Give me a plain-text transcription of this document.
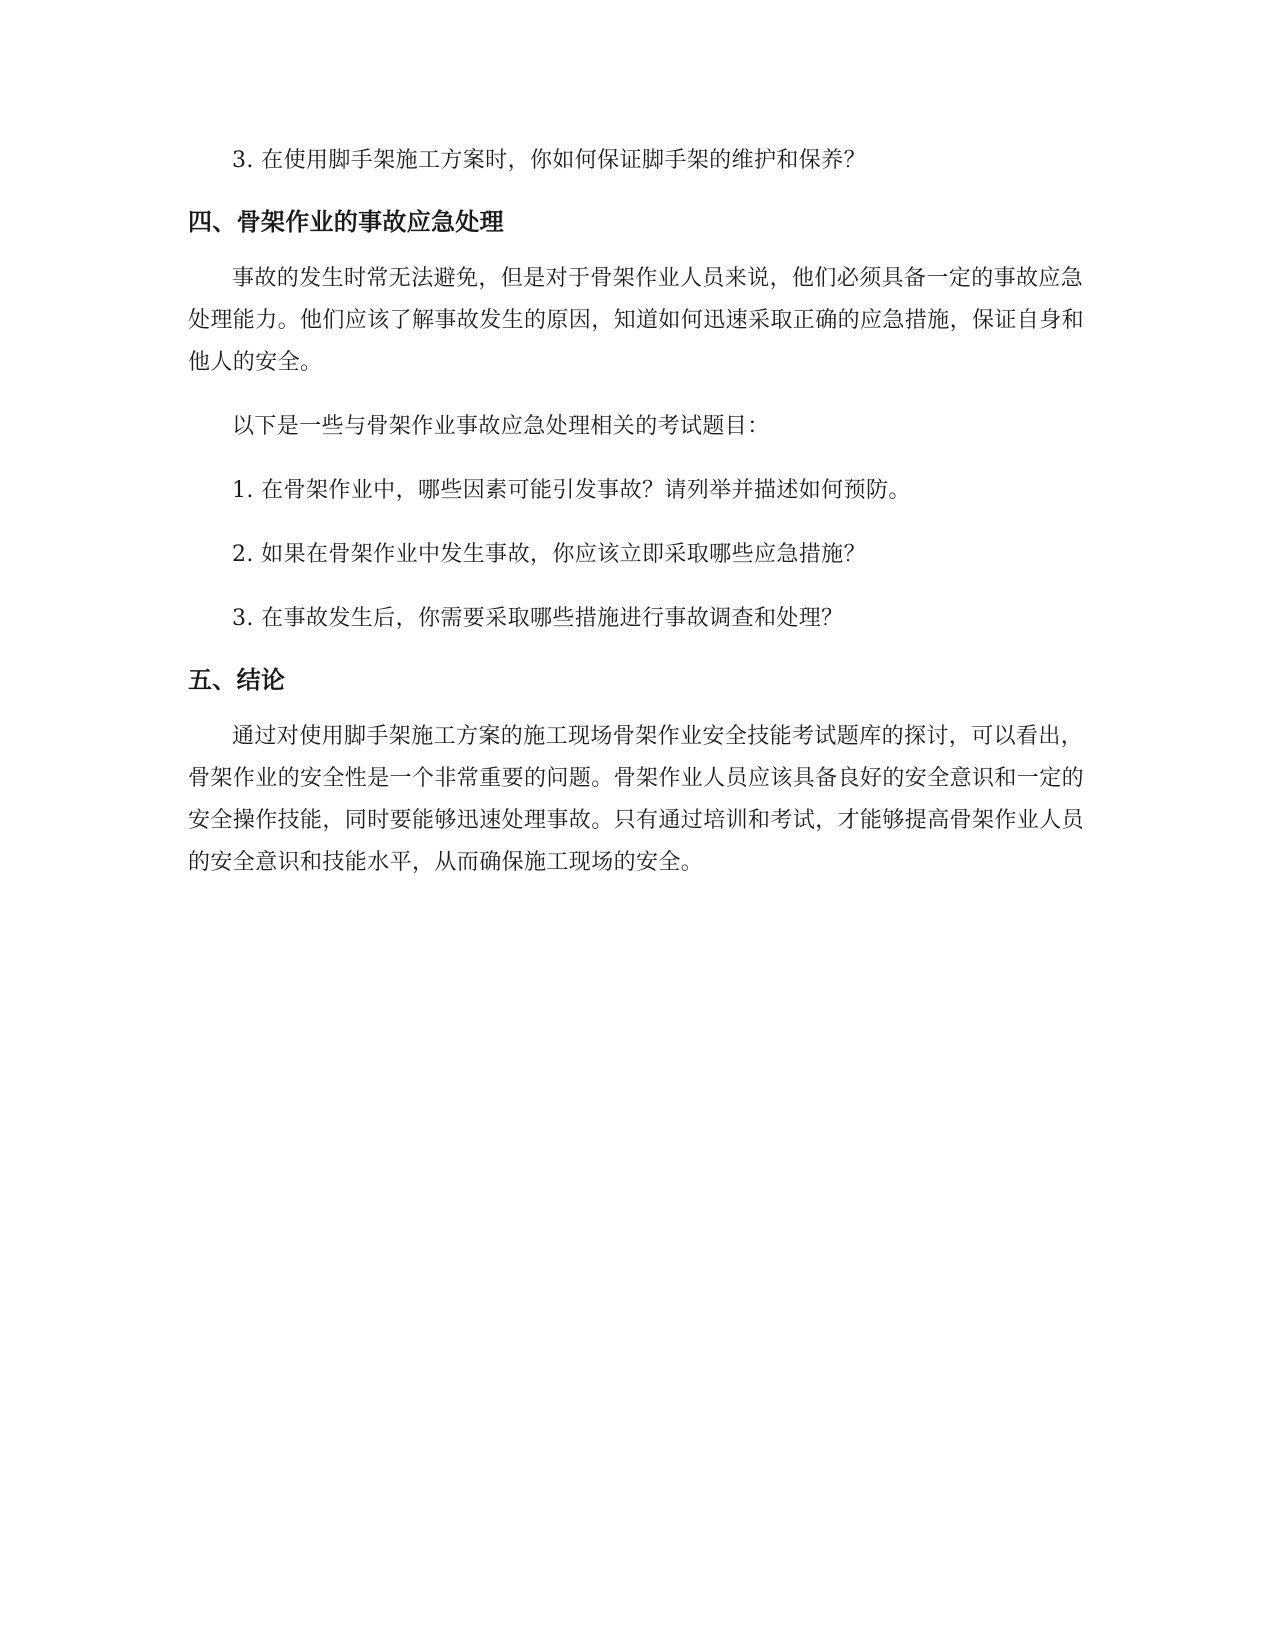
3. 在使用脚手架施工方案时，你如何保证脚手架的维护和保养？

四、骨架作业的事故应急处理

事故的发生时常无法避免，但是对于骨架作业人员来说，他们必须具备一定的事故应急处理能力。他们应该了解事故发生的原因，知道如何迅速采取正确的应急措施，保证自身和他人的安全。

以下是一些与骨架作业事故应急处理相关的考试题目：

1. 在骨架作业中，哪些因素可能引发事故？请列举并描述如何预防。

2. 如果在骨架作业中发生事故，你应该立即采取哪些应急措施？

3. 在事故发生后，你需要采取哪些措施进行事故调查和处理？

五、结论

通过对使用脚手架施工方案的施工现场骨架作业安全技能考试题库的探讨，可以看出，骨架作业的安全性是一个非常重要的问题。骨架作业人员应该具备良好的安全意识和一定的安全操作技能，同时要能够迅速处理事故。只有通过培训和考试，才能够提高骨架作业人员的安全意识和技能水平，从而确保施工现场的安全。
